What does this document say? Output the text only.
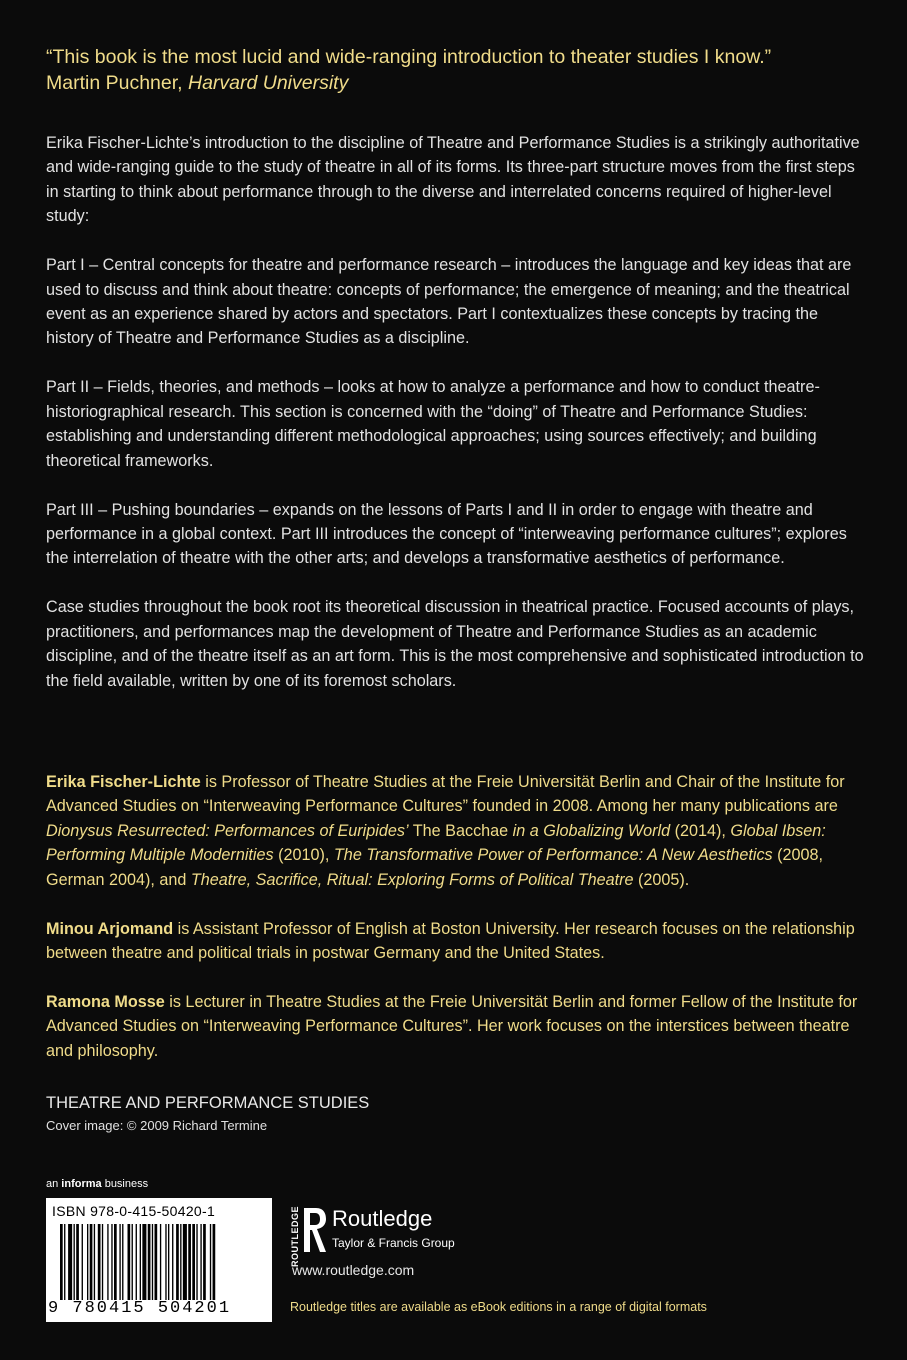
“This book is the most lucid and wide-ranging introduction to theater studies I know.”
Martin Puchner, Harvard University

Erika Fischer-Lichte’s introduction to the discipline of Theatre and Performance Studies is a strikingly authoritative and wide-ranging guide to the study of theatre in all of its forms. Its three-part structure moves from the first steps in starting to think about performance through to the diverse and interrelated concerns required of higher-level study:

Part I – Central concepts for theatre and performance research – introduces the language and key ideas that are used to discuss and think about theatre: concepts of performance; the emergence of meaning; and the theatrical event as an experience shared by actors and spectators. Part I contextualizes these concepts by tracing the history of Theatre and Performance Studies as a discipline.

Part II – Fields, theories, and methods – looks at how to analyze a performance and how to conduct theatre-historiographical research. This section is concerned with the “doing” of Theatre and Performance Studies: establishing and understanding different methodological approaches; using sources effectively; and building theoretical frameworks.

Part III – Pushing boundaries – expands on the lessons of Parts I and II in order to engage with theatre and performance in a global context. Part III introduces the concept of “interweaving performance cultures”; explores the interrelation of theatre with the other arts; and develops a transformative aesthetics of performance.

Case studies throughout the book root its theoretical discussion in theatrical practice. Focused accounts of plays, practitioners, and performances map the development of Theatre and Performance Studies as an academic discipline, and of the theatre itself as an art form. This is the most comprehensive and sophisticated introduction to the field available, written by one of its foremost scholars.

Erika Fischer-Lichte is Professor of Theatre Studies at the Freie Universität Berlin and Chair of the Institute for Advanced Studies on “Interweaving Performance Cultures” founded in 2008. Among her many publications are Dionysus Resurrected: Performances of Euripides’ The Bacchae in a Globalizing World (2014), Global Ibsen: Performing Multiple Modernities (2010), The Transformative Power of Performance: A New Aesthetics (2008, German 2004), and Theatre, Sacrifice, Ritual: Exploring Forms of Political Theatre (2005).

Minou Arjomand is Assistant Professor of English at Boston University. Her research focuses on the relationship between theatre and political trials in postwar Germany and the United States.

Ramona Mosse is Lecturer in Theatre Studies at the Freie Universität Berlin and former Fellow of the Institute for Advanced Studies on “Interweaving Performance Cultures”. Her work focuses on the interstices between theatre and philosophy.

THEATRE AND PERFORMANCE STUDIES
Cover image: © 2009 Richard Termine
an informa business
ISBN 978-0-415-50420-1
9 780415 504201
ROUTLEDGE Routledge
Taylor & Francis Group
www.routledge.com
Routledge titles are available as eBook editions in a range of digital formats
